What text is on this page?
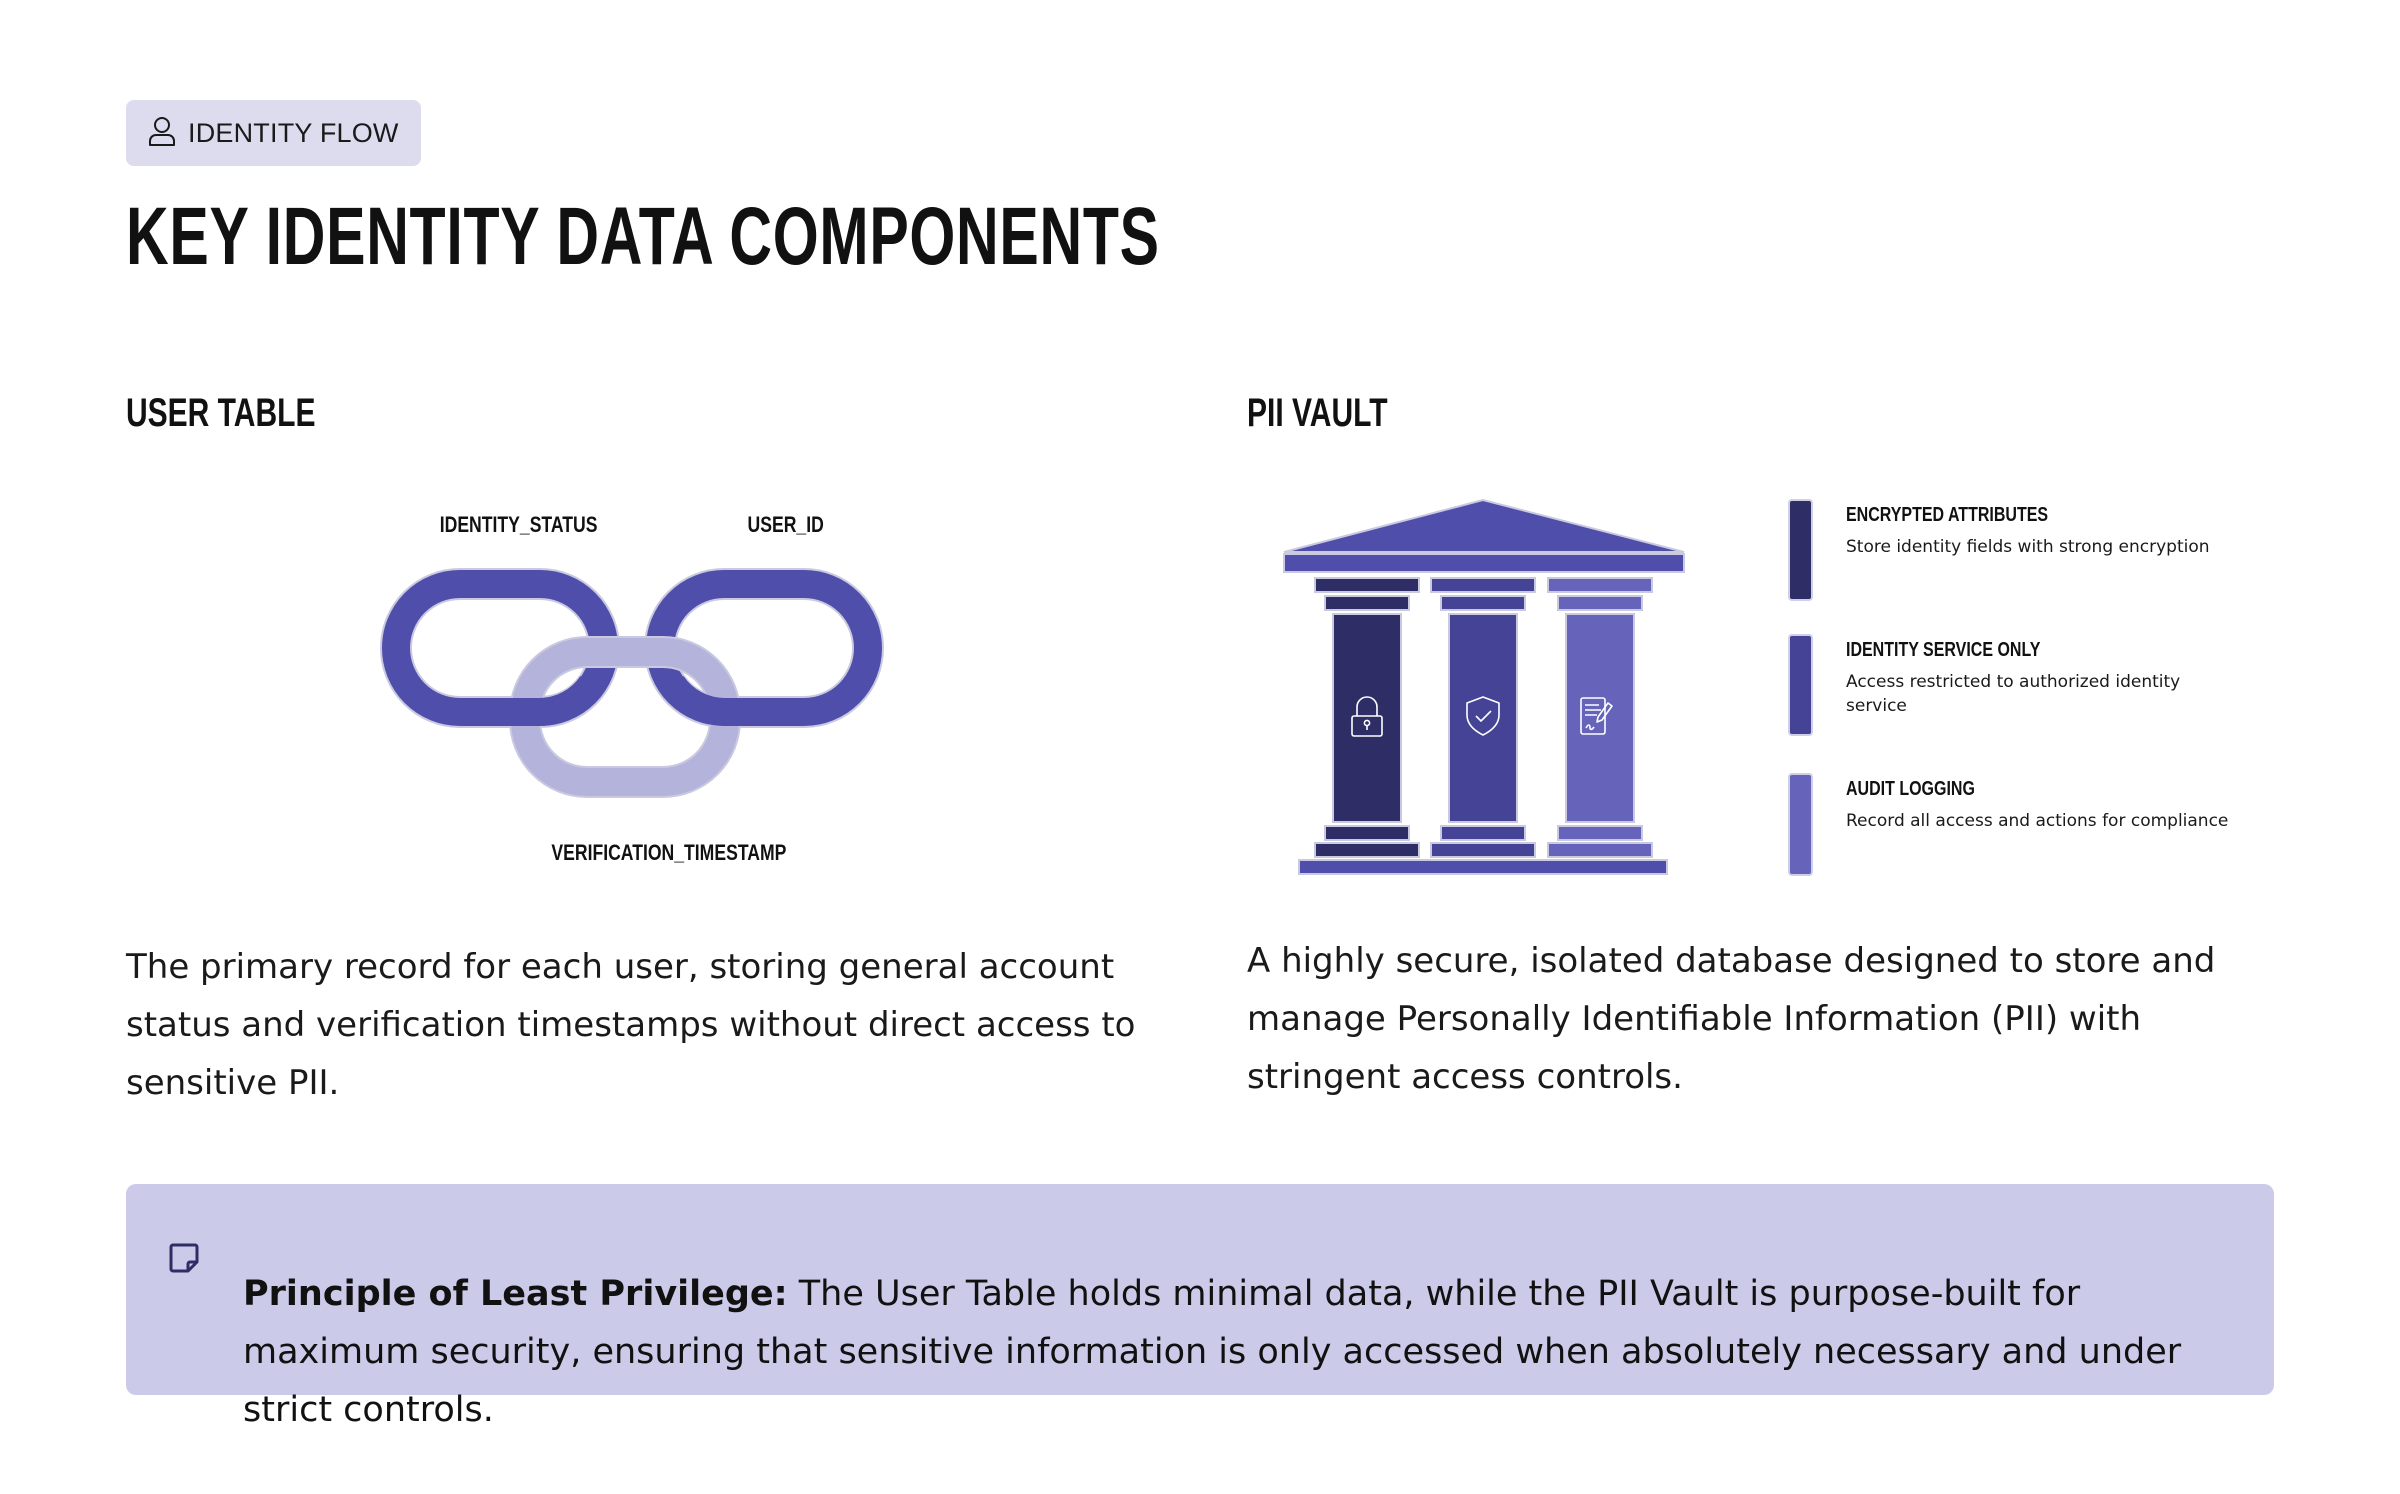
IDENTITY FLOW
KEY IDENTITY DATA COMPONENTS
USER TABLE
IDENTITY_STATUS	USER_ID
VERIFICATION_TIMESTAMP

The primary record for each user, storing general account status and verification timestamps without direct access to sensitive PII.

PII VAULT
ENCRYPTED ATTRIBUTES
Store identity fields with strong encryption
IDENTITY SERVICE ONLY
Access restricted to authorized identity service
AUDIT LOGGING
Record all access and actions for compliance

A highly secure, isolated database designed to store and manage Personally Identifiable Information (PII) with stringent access controls.

Principle of Least Privilege: The User Table holds minimal data, while the PII Vault is purpose-built for maximum security, ensuring that sensitive information is only accessed when absolutely necessary and under strict controls.
